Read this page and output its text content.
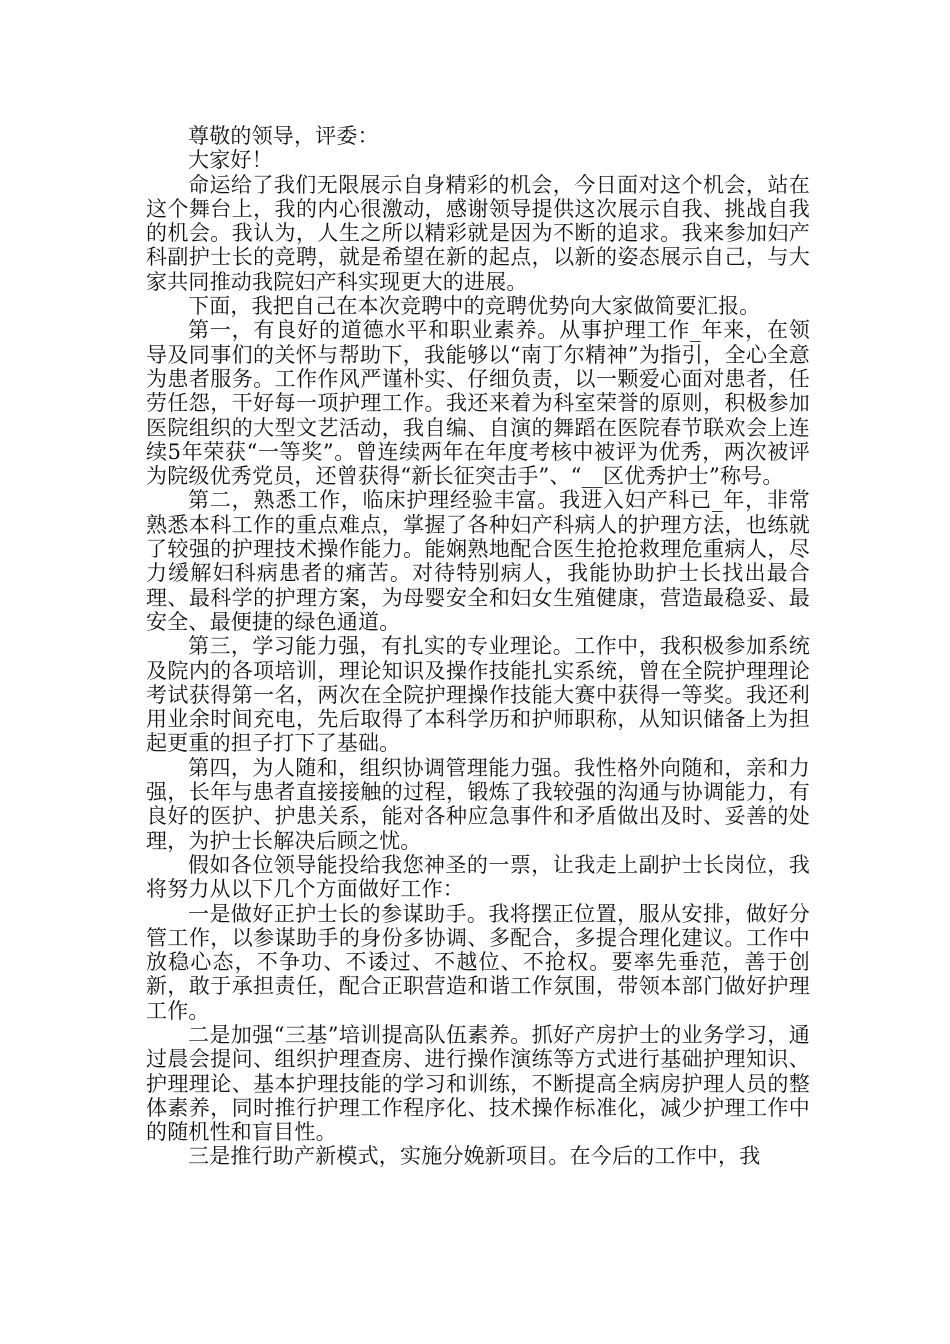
尊敬的领导，评委：

大家好！

命运给了我们无限展示自身精彩的机会，今日面对这个机会，站在这个舞台上，我的内心很激动，感谢领导提供这次展示自我、挑战自我的机会。我认为，人生之所以精彩就是因为不断的追求。我来参加妇产科副护士长的竞聘，就是希望在新的起点，以新的姿态展示自己，与大家共同推动我院妇产科实现更大的进展。

下面，我把自己在本次竞聘中的竞聘优势向大家做简要汇报。

第一，有良好的道德水平和职业素养。从事护理工作_年来，在领导及同事们的关怀与帮助下，我能够以“南丁尔精神”为指引，全心全意为患者服务。工作作风严谨朴实、仔细负责，以一颗爱心面对患者，任劳任怨，干好每一项护理工作。我还来着为科室荣誉的原则，积极参加医院组织的大型文艺活动，我自编、自演的舞蹈在医院春节联欢会上连续5年荣获“一等奖”。曾连续两年在年度考核中被评为优秀，两次被评为院级优秀党员，还曾获得“新长征突击手”、“__区优秀护士”称号。

第二，熟悉工作，临床护理经验丰富。我进入妇产科已_年，非常熟悉本科工作的重点难点，掌握了各种妇产科病人的护理方法，也练就了较强的护理技术操作能力。能娴熟地配合医生抢抢救理危重病人，尽力缓解妇科病患者的痛苦。对待特别病人，我能协助护士长找出最合理、最科学的护理方案，为母婴安全和妇女生殖健康，营造最稳妥、最安全、最便捷的绿色通道。

第三，学习能力强，有扎实的专业理论。工作中，我积极参加系统及院内的各项培训，理论知识及操作技能扎实系统，曾在全院护理理论考试获得第一名，两次在全院护理操作技能大赛中获得一等奖。我还利用业余时间充电，先后取得了本科学历和护师职称，从知识储备上为担起更重的担子打下了基础。

第四，为人随和，组织协调管理能力强。我性格外向随和，亲和力强，长年与患者直接接触的过程，锻炼了我较强的沟通与协调能力，有良好的医护、护患关系，能对各种应急事件和矛盾做出及时、妥善的处理，为护士长解决后顾之忧。

假如各位领导能投给我您神圣的一票，让我走上副护士长岗位，我将努力从以下几个方面做好工作：

一是做好正护士长的参谋助手。我将摆正位置，服从安排，做好分管工作，以参谋助手的身份多协调、多配合，多提合理化建议。工作中放稳心态，不争功、不诿过、不越位、不抢权。要率先垂范，善于创新，敢于承担责任，配合正职营造和谐工作氛围，带领本部门做好护理工作。

二是加强“三基”培训提高队伍素养。抓好产房护士的业务学习，通过晨会提问、组织护理查房、进行操作演练等方式进行基础护理知识、护理理论、基本护理技能的学习和训练，不断提高全病房护理人员的整体素养，同时推行护理工作程序化、技术操作标准化，减少护理工作中的随机性和盲目性。

三是推行助产新模式，实施分娩新项目。在今后的工作中，我
